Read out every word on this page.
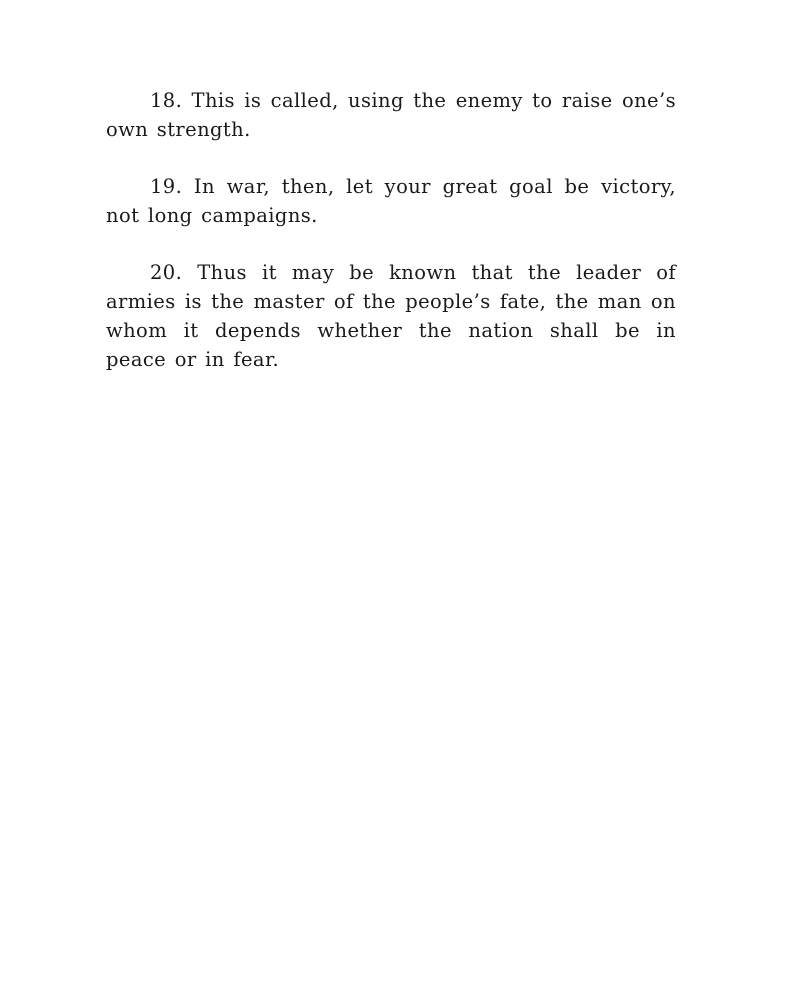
18. This is called, using the enemy to raise one’s own strength.

19. In war, then, let your great goal be victory, not long campaigns.

20. Thus it may be known that the leader of armies is the master of the people’s fate, the man on whom it depends whether the nation shall be in peace or in fear.
